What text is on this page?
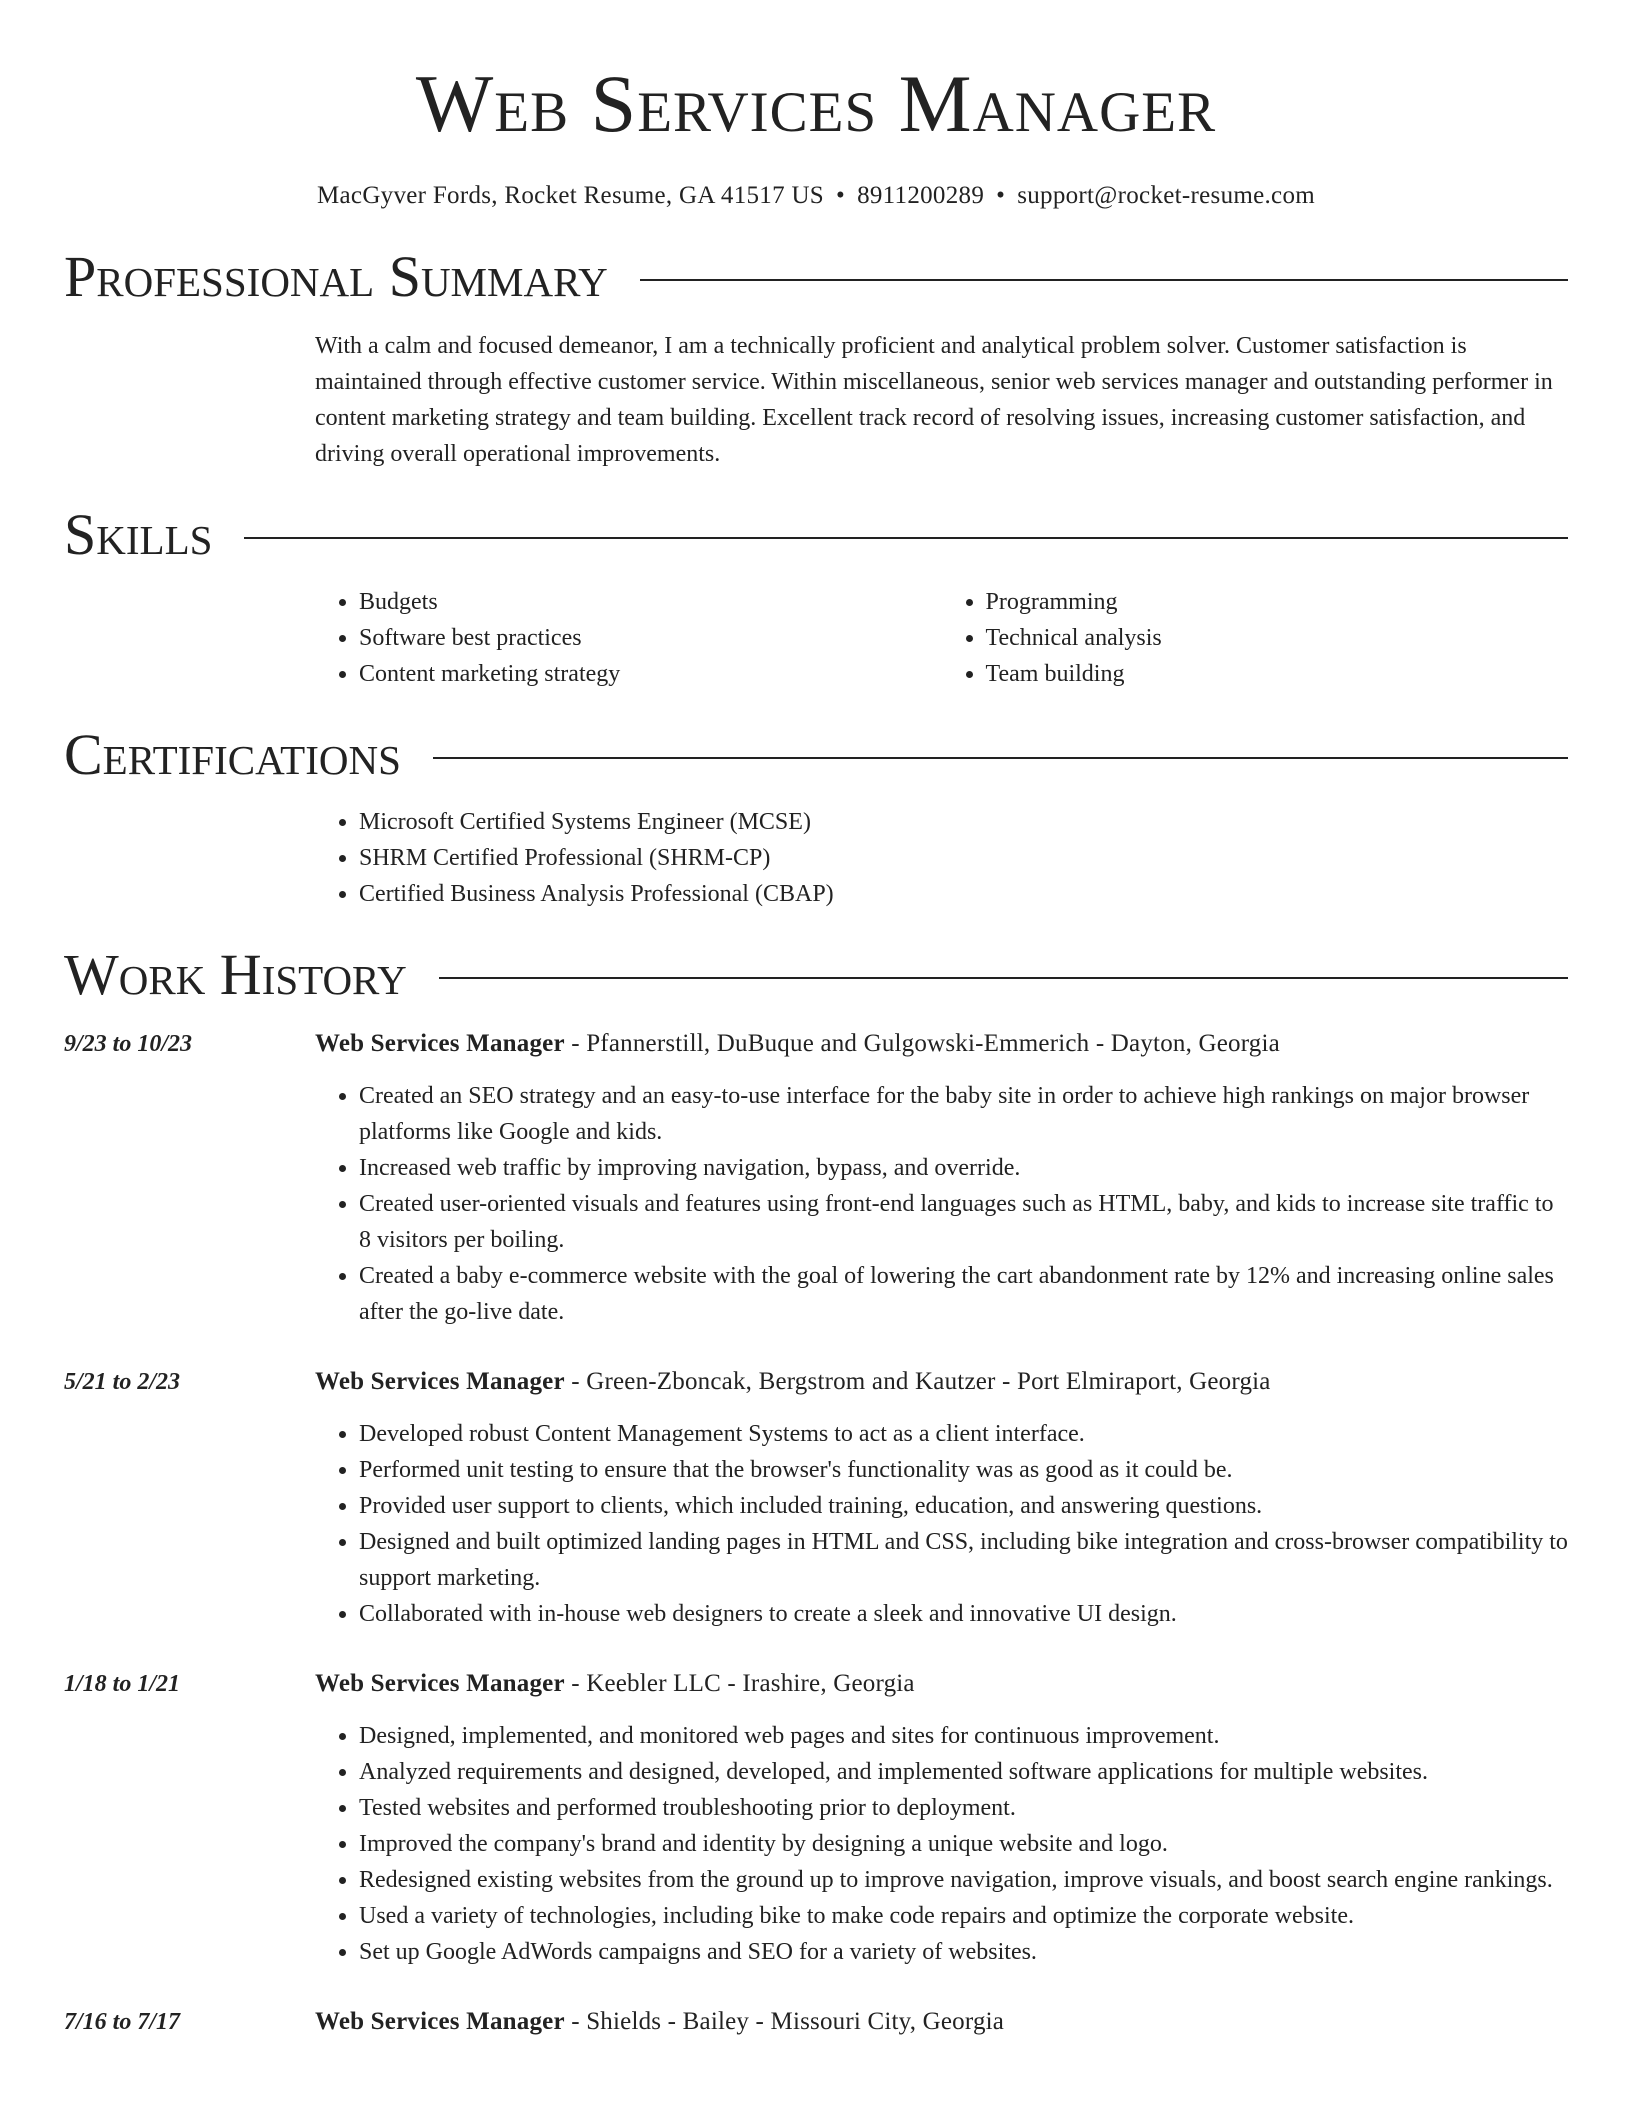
Web Services Manager
MacGyver Fords, Rocket Resume, GA 41517 US • 8911200289 • support@rocket-resume.com
Professional Summary
With a calm and focused demeanor, I am a technically proficient and analytical problem solver. Customer satisfaction is maintained through effective customer service. Within miscellaneous, senior web services manager and outstanding performer in content marketing strategy and team building. Excellent track record of resolving issues, increasing customer satisfaction, and driving overall operational improvements.
Skills
• Budgets
• Software best practices
• Content marketing strategy
• Programming
• Technical analysis
• Team building
Certifications
• Microsoft Certified Systems Engineer (MCSE)
• SHRM Certified Professional (SHRM-CP)
• Certified Business Analysis Professional (CBAP)
Work History
9/23 to 10/23	Web Services Manager - Pfannerstill, DuBuque and Gulgowski-Emmerich - Dayton, Georgia
• Created an SEO strategy and an easy-to-use interface for the baby site in order to achieve high rankings on major browser platforms like Google and kids.
• Increased web traffic by improving navigation, bypass, and override.
• Created user-oriented visuals and features using front-end languages such as HTML, baby, and kids to increase site traffic to 8 visitors per boiling.
• Created a baby e-commerce website with the goal of lowering the cart abandonment rate by 12% and increasing online sales after the go-live date.
5/21 to 2/23	Web Services Manager - Green-Zboncak, Bergstrom and Kautzer - Port Elmiraport, Georgia
• Developed robust Content Management Systems to act as a client interface.
• Performed unit testing to ensure that the browser's functionality was as good as it could be.
• Provided user support to clients, which included training, education, and answering questions.
• Designed and built optimized landing pages in HTML and CSS, including bike integration and cross-browser compatibility to support marketing.
• Collaborated with in-house web designers to create a sleek and innovative UI design.
1/18 to 1/21	Web Services Manager - Keebler LLC - Irashire, Georgia
• Designed, implemented, and monitored web pages and sites for continuous improvement.
• Analyzed requirements and designed, developed, and implemented software applications for multiple websites.
• Tested websites and performed troubleshooting prior to deployment.
• Improved the company's brand and identity by designing a unique website and logo.
• Redesigned existing websites from the ground up to improve navigation, improve visuals, and boost search engine rankings.
• Used a variety of technologies, including bike to make code repairs and optimize the corporate website.
• Set up Google AdWords campaigns and SEO for a variety of websites.
7/16 to 7/17	Web Services Manager - Shields - Bailey - Missouri City, Georgia
